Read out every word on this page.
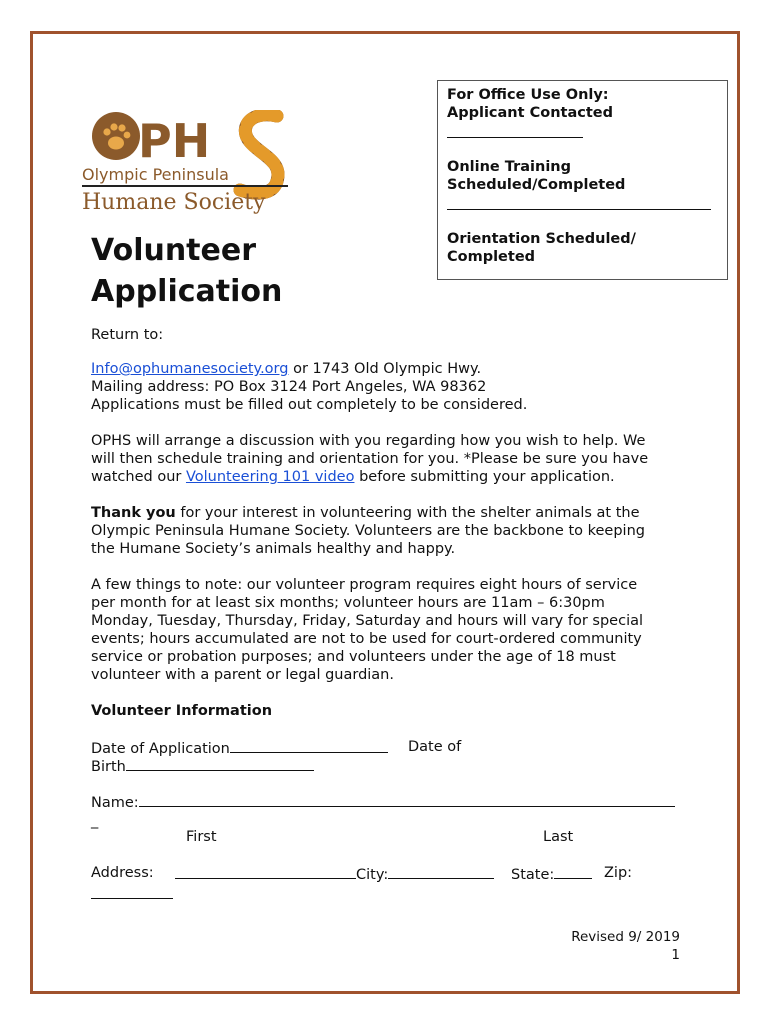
PH
Olympic Peninsula
Humane Society
For Office Use Only:
Applicant Contacted
Online Training
Scheduled/Completed
Orientation Scheduled/
Completed
Volunteer
Application
Return to:
Info@ophumanesociety.org or 1743 Old Olympic Hwy.
Mailing address: PO Box 3124 Port Angeles, WA 98362
Applications must be filled out completely to be considered.
OPHS will arrange a discussion with you regarding how you wish to help. We
will then schedule training and orientation for you. *Please be sure you have
watched our Volunteering 101 video before submitting your application.
Thank you for your interest in volunteering with the shelter animals at the
Olympic Peninsula Humane Society. Volunteers are the backbone to keeping
the Humane Society’s animals healthy and happy.
A few things to note: our volunteer program requires eight hours of service
per month for at least six months; volunteer hours are 11am – 6:30pm
Monday, Tuesday, Thursday, Friday, Saturday and hours will vary for special
events; hours accumulated are not to be used for court-ordered community
service or probation purposes; and volunteers under the age of 18 must
volunteer with a parent or legal guardian.
Volunteer Information
Date of Application	Date of
Birth
Name:
_
First	Last
Address:	City:	State:	Zip:
Revised 9/ 2019
1
